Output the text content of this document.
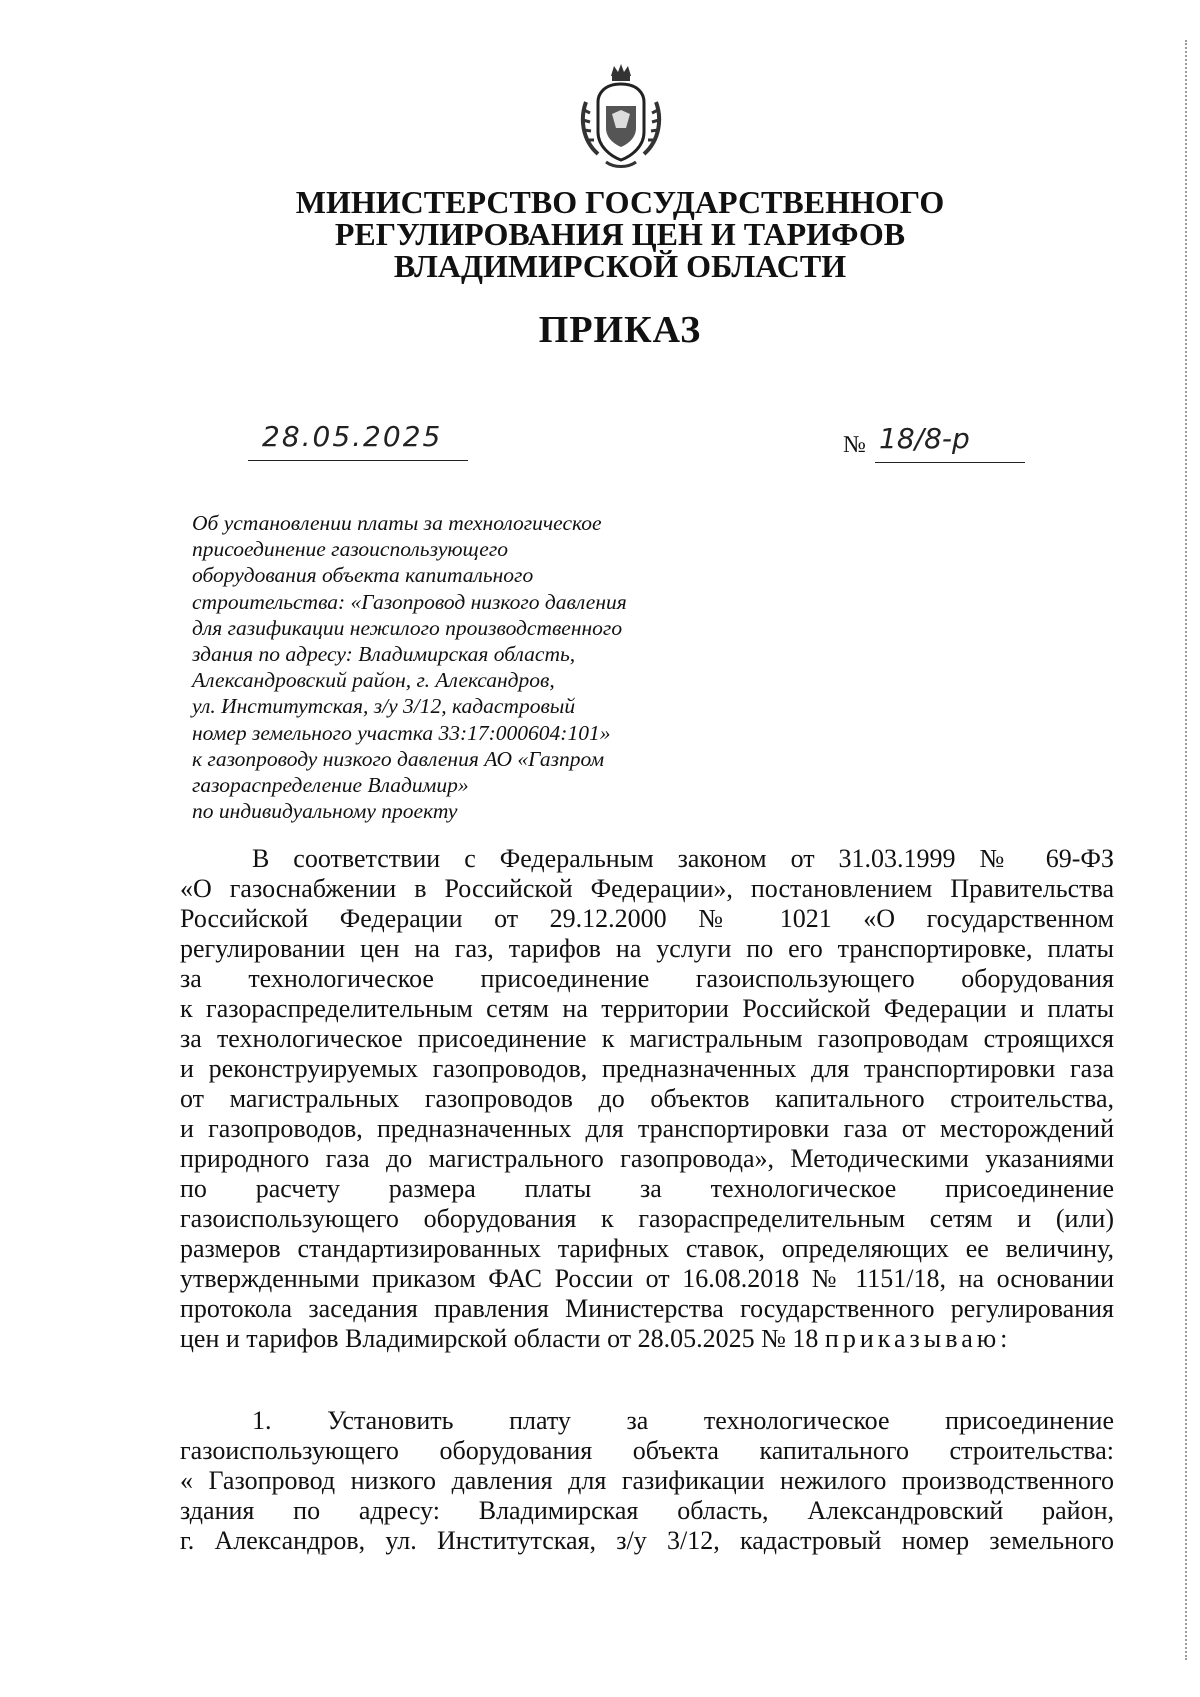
МИНИСТЕРСТВО ГОСУДАРСТВЕННОГО
РЕГУЛИРОВАНИЯ ЦЕН И ТАРИФОВ
ВЛАДИМИРСКОЙ ОБЛАСТИ
ПРИКАЗ
28.05.2025	№ 18/8-р
Об установлении платы за технологическое
присоединение газоиспользующего
оборудования объекта капитального
строительства: «Газопровод низкого давления
для газификации нежилого производственного
здания по адресу: Владимирская область,
Александровский район, г. Александров,
ул. Институтская, з/у 3/12, кадастровый
номер земельного участка 33:17:000604:101»
к газопроводу низкого давления АО «Газпром
газораспределение Владимир»
по индивидуальному проекту
В соответствии с Федеральным законом от 31.03.1999 № 69-ФЗ
«О газоснабжении в Российской Федерации», постановлением Правительства
Российской Федерации от 29.12.2000 № 1021 «О государственном
регулировании цен на газ, тарифов на услуги по его транспортировке, платы
за технологическое присоединение газоиспользующего оборудования
к газораспределительным сетям на территории Российской Федерации и платы
за технологическое присоединение к магистральным газопроводам строящихся
и реконструируемых газопроводов, предназначенных для транспортировки газа
от магистральных газопроводов до объектов капитального строительства,
и газопроводов, предназначенных для транспортировки газа от месторождений
природного газа до магистрального газопровода», Методическими указаниями
по расчету размера платы за технологическое присоединение
газоиспользующего оборудования к газораспределительным сетям и (или)
размеров стандартизированных тарифных ставок, определяющих ее величину,
утвержденными приказом ФАС России от 16.08.2018 № 1151/18, на основании
протокола заседания правления Министерства государственного регулирования
цен и тарифов Владимирской области от 28.05.2025 № 18 приказываю:
1. Установить плату за технологическое присоединение
газоиспользующего оборудования объекта капитального строительства:
« Газопровод низкого давления для газификации нежилого производственного
здания по адресу: Владимирская область, Александровский район,
г. Александров, ул. Институтская, з/у 3/12, кадастровый номер земельного
